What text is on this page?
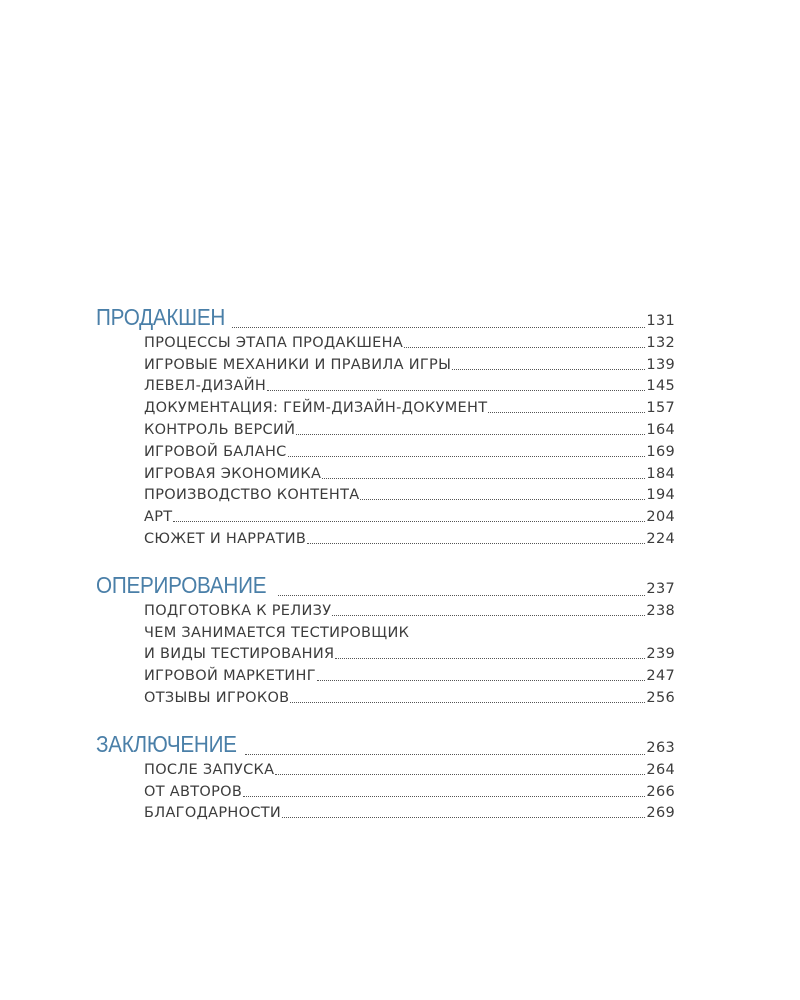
ПРОДАКШЕН	131
ПРОЦЕССЫ ЭТАПА ПРОДАКШЕНА	132
ИГРОВЫЕ МЕХАНИКИ И ПРАВИЛА ИГРЫ	139
ЛЕВЕЛ-ДИЗАЙН	145
ДОКУМЕНТАЦИЯ: ГЕЙМ-ДИЗАЙН-ДОКУМЕНТ	157
КОНТРОЛЬ ВЕРСИЙ	164
ИГРОВОЙ БАЛАНС	169
ИГРОВАЯ ЭКОНОМИКА	184
ПРОИЗВОДСТВО КОНТЕНТА	194
АРТ	204
СЮЖЕТ И НАРРАТИВ	224
ОПЕРИРОВАНИЕ	237
ПОДГОТОВКА К РЕЛИЗУ	238
ЧЕМ ЗАНИМАЕТСЯ ТЕСТИРОВЩИК
И ВИДЫ ТЕСТИРОВАНИЯ	239
ИГРОВОЙ МАРКЕТИНГ	247
ОТЗЫВЫ ИГРОКОВ	256
ЗАКЛЮЧЕНИЕ	263
ПОСЛЕ ЗАПУСКА	264
ОТ АВТОРОВ	266
БЛАГОДАРНОСТИ	269
